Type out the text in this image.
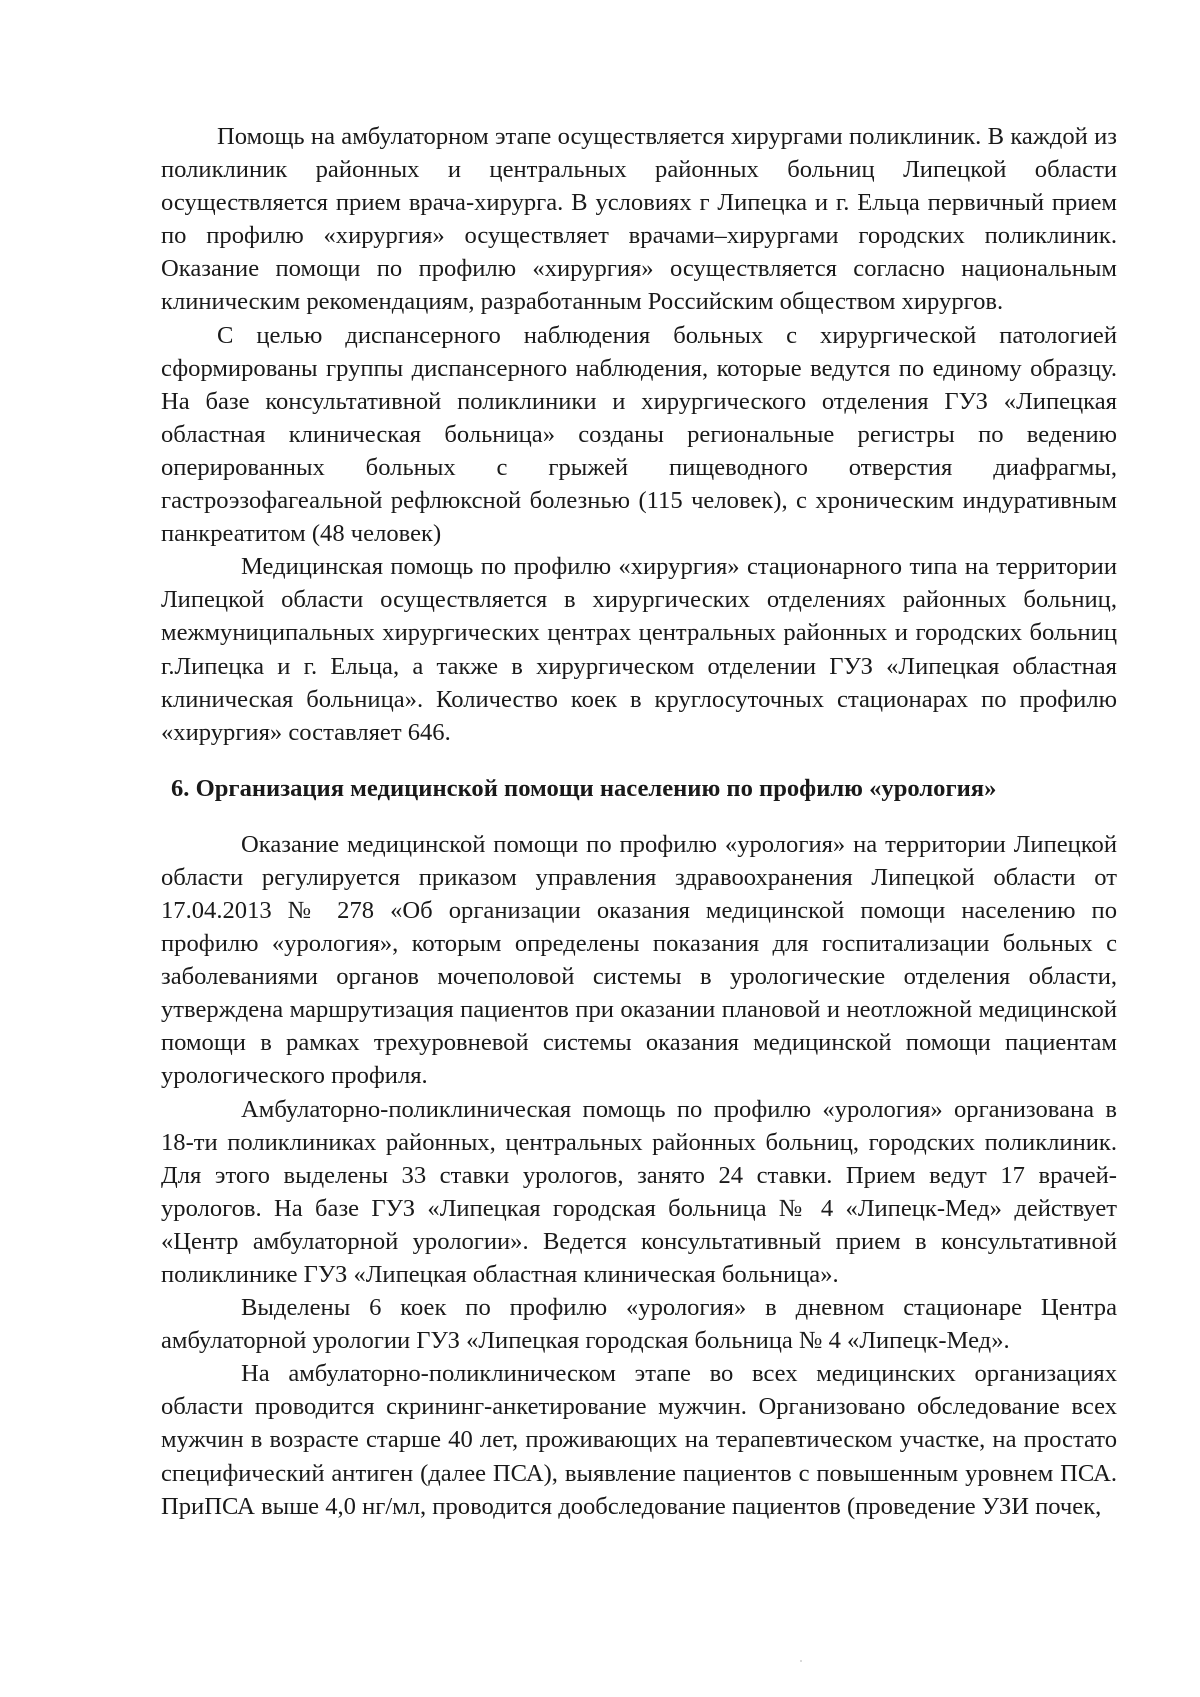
Помощь на амбулаторном этапе осуществляется хирургами поликлиник. В каждой из поликлиник районных и центральных районных больниц Липецкой области осуществляется прием врача-хирурга. В условиях г Липецка и г. Ельца первичный прием по профилю «хирургия» осуществляет врачами–хирургами городских поликлиник. Оказание помощи по профилю «хирургия» осуществляется согласно национальным клиническим рекомендациям, разработанным Российским обществом хирургов.

С целью диспансерного наблюдения больных с хирургической патологией сформированы группы диспансерного наблюдения, которые ведутся по единому образцу. На базе консультативной поликлиники и хирургического отделения ГУЗ «Липецкая областная клиническая больница» созданы региональные регистры по ведению оперированных больных с грыжей пищеводного отверстия диафрагмы, гастроэзофагеальной рефлюксной болезнью (115 человек), с хроническим индуративным панкреатитом (48 человек)

Медицинская помощь по профилю «хирургия» стационарного типа на территории Липецкой области осуществляется в хирургических отделениях районных больниц, межмуниципальных хирургических центрах центральных районных и городских больниц г.Липецка и г. Ельца, а также в хирургическом отделении ГУЗ «Липецкая областная клиническая больница». Количество коек в круглосуточных стационарах по профилю «хирургия» составляет 646.

6. Организация медицинской помощи населению по профилю «урология»

Оказание медицинской помощи по профилю «урология» на территории Липецкой области регулируется приказом управления здравоохранения Липецкой области от 17.04.2013 № 278 «Об организации оказания медицинской помощи населению по профилю «урология», которым определены показания для госпитализации больных с заболеваниями органов мочеполовой системы в урологические отделения области, утверждена маршрутизация пациентов при оказании плановой и неотложной медицинской помощи в рамках трехуровневой системы оказания медицинской помощи пациентам урологического профиля.

Амбулаторно-поликлиническая помощь по профилю «урология» организована в 18-ти поликлиниках районных, центральных районных больниц, городских поликлиник. Для этого выделены 33 ставки урологов, занято 24 ставки. Прием ведут 17 врачей-урологов. На базе ГУЗ «Липецкая городская больница № 4 «Липецк-Мед» действует «Центр амбулаторной урологии». Ведется консультативный прием в консультативной поликлинике ГУЗ «Липецкая областная клиническая больница».

Выделены 6 коек по профилю «урология» в дневном стационаре Центра амбулаторной урологии ГУЗ «Липецкая городская больница № 4 «Липецк-Мед».

На амбулаторно-поликлиническом этапе во всех медицинских организациях области проводится скрининг-анкетирование мужчин. Организовано обследование всех мужчин в возрасте старше 40 лет, проживающих на терапевтическом участке, на простато специфический антиген (далее ПСА), выявление пациентов с повышенным уровнем ПСА. ПриПСА выше 4,0 нг/мл, проводится дообследование пациентов (проведение УЗИ почек,
